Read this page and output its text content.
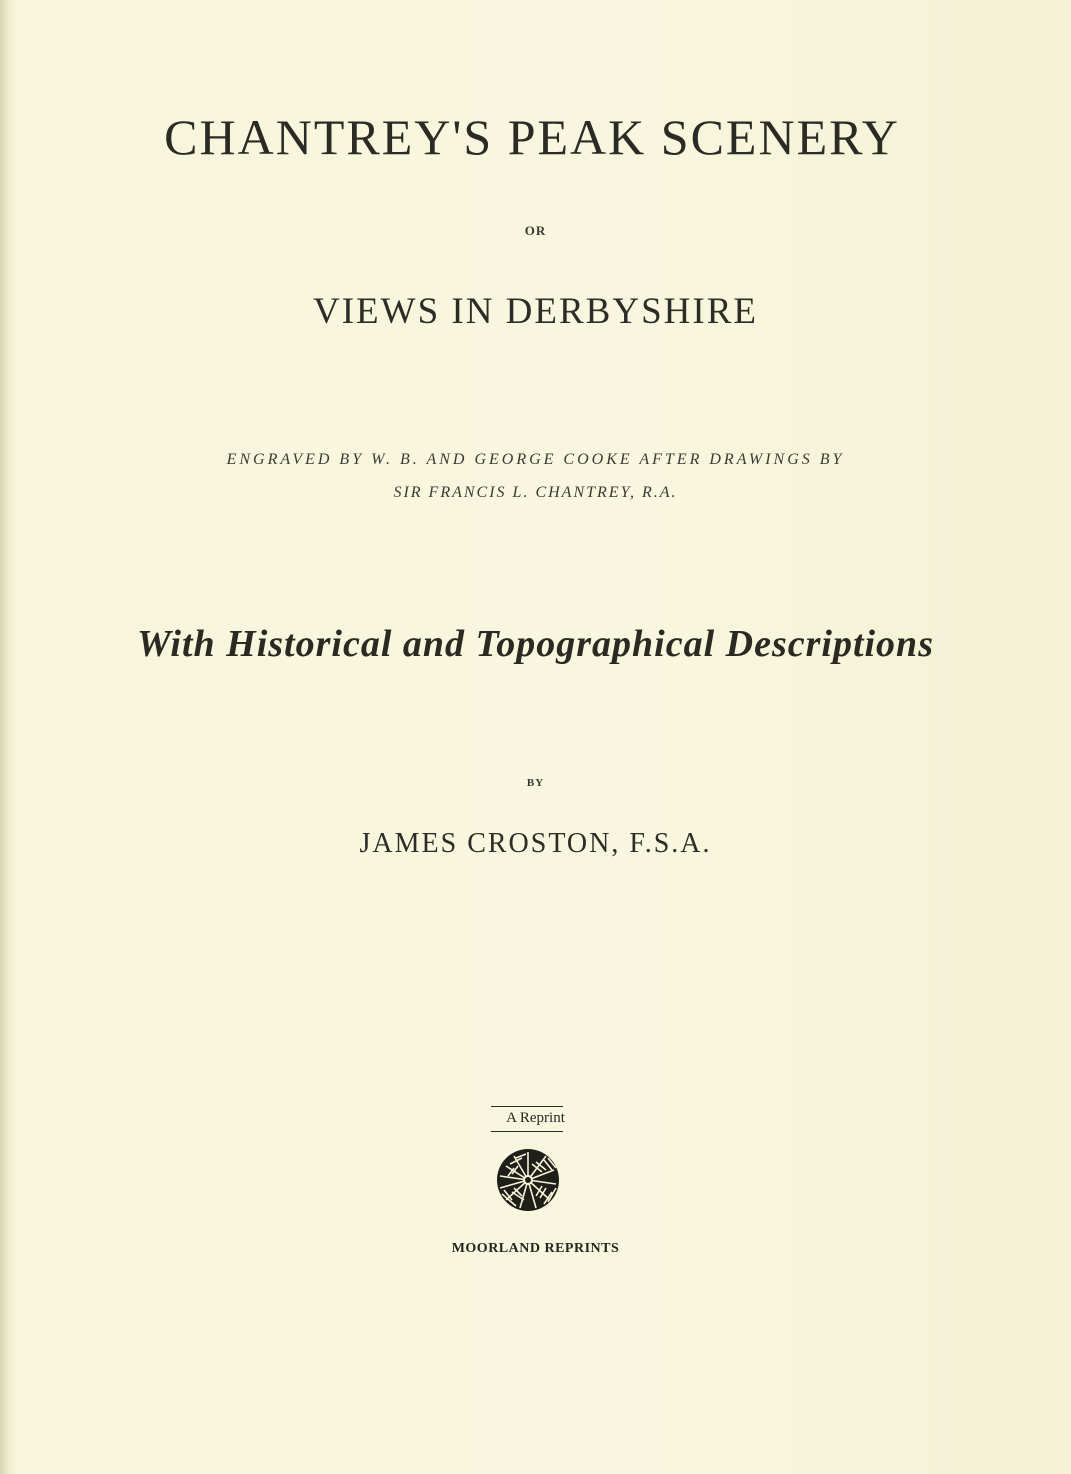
CHANTREY'S PEAK SCENERY
OR
VIEWS IN DERBYSHIRE
ENGRAVED BY W. B. AND GEORGE COOKE AFTER DRAWINGS BY
SIR FRANCIS L. CHANTREY, R.A.
With Historical and Topographical Descriptions
BY
JAMES CROSTON, F.S.A.
A Reprint
MOORLAND REPRINTS
